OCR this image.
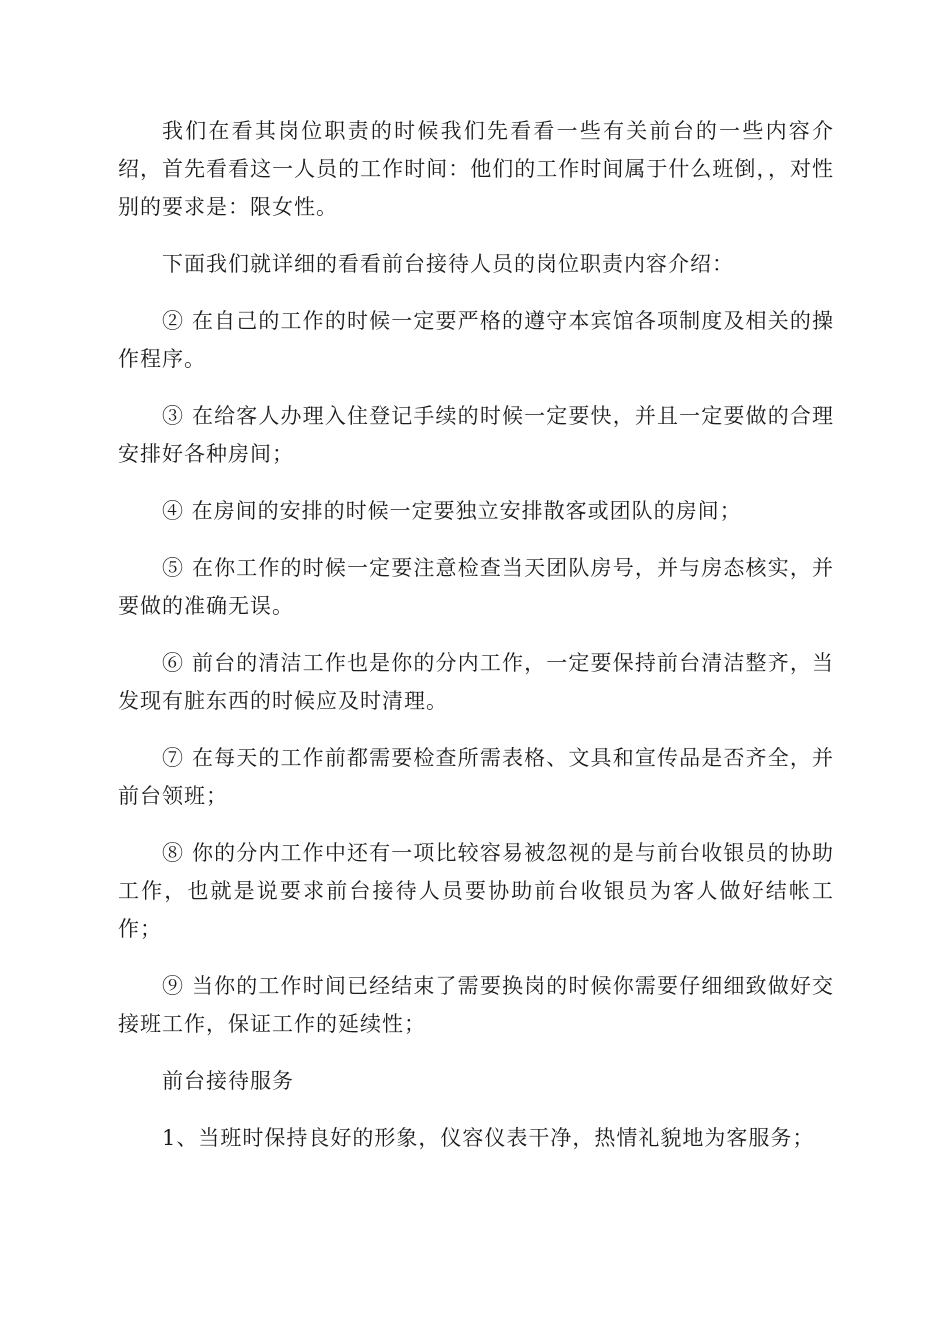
我们在看其岗位职责的时候我们先看看一些有关前台的一些内容介绍，首先看看这一人员的工作时间：他们的工作时间属于什么班倒，，对性别的要求是：限女性。

下面我们就详细的看看前台接待人员的岗位职责内容介绍：

② 在自己的工作的时候一定要严格的遵守本宾馆各项制度及相关的操作程序。

③ 在给客人办理入住登记手续的时候一定要快，并且一定要做的合理安排好各种房间；

④ 在房间的安排的时候一定要独立安排散客或团队的房间；

⑤ 在你工作的时候一定要注意检查当天团队房号，并与房态核实，并要做的准确无误。

⑥ 前台的清洁工作也是你的分内工作，一定要保持前台清洁整齐，当发现有脏东西的时候应及时清理。

⑦ 在每天的工作前都需要检查所需表格、文具和宣传品是否齐全，并前台领班；

⑧ 你的分内工作中还有一项比较容易被忽视的是与前台收银员的协助工作，也就是说要求前台接待人员要协助前台收银员为客人做好结帐工作；

⑨ 当你的工作时间已经结束了需要换岗的时候你需要仔细细致做好交接班工作，保证工作的延续性；

前台接待服务

1、当班时保持良好的形象，仪容仪表干净，热情礼貌地为客服务；
